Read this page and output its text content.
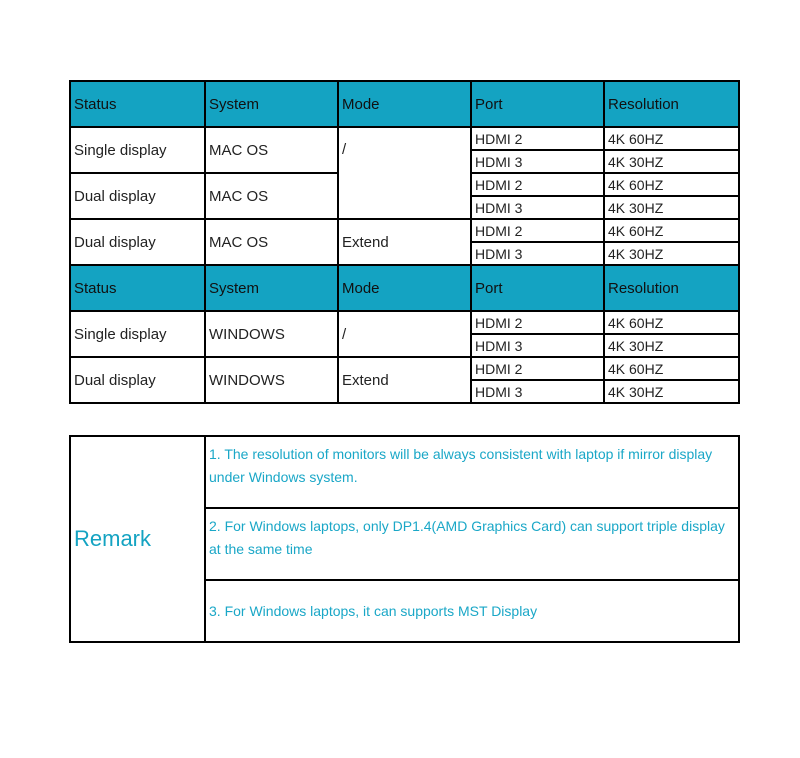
Status	System	Mode	Port	Resolution
Single display	MAC OS	/	HDMI 2	4K 60HZ
			HDMI 3	4K 30HZ
Dual display	MAC OS		HDMI 2	4K 60HZ
			HDMI 3	4K 30HZ
Dual display	MAC OS	Extend	HDMI 2	4K 60HZ
			HDMI 3	4K 30HZ
Status	System	Mode	Port	Resolution
Single display	WINDOWS	/	HDMI 2	4K 60HZ
			HDMI 3	4K 30HZ
Dual display	WINDOWS	Extend	HDMI 2	4K 60HZ
			HDMI 3	4K 30HZ
Remark	1. The resolution of monitors will be always consistent with laptop if mirror display under Windows system.
2. For Windows laptops, only DP1.4(AMD Graphics Card) can support triple display at the same time
3. For Windows laptops, it can supports MST Display
